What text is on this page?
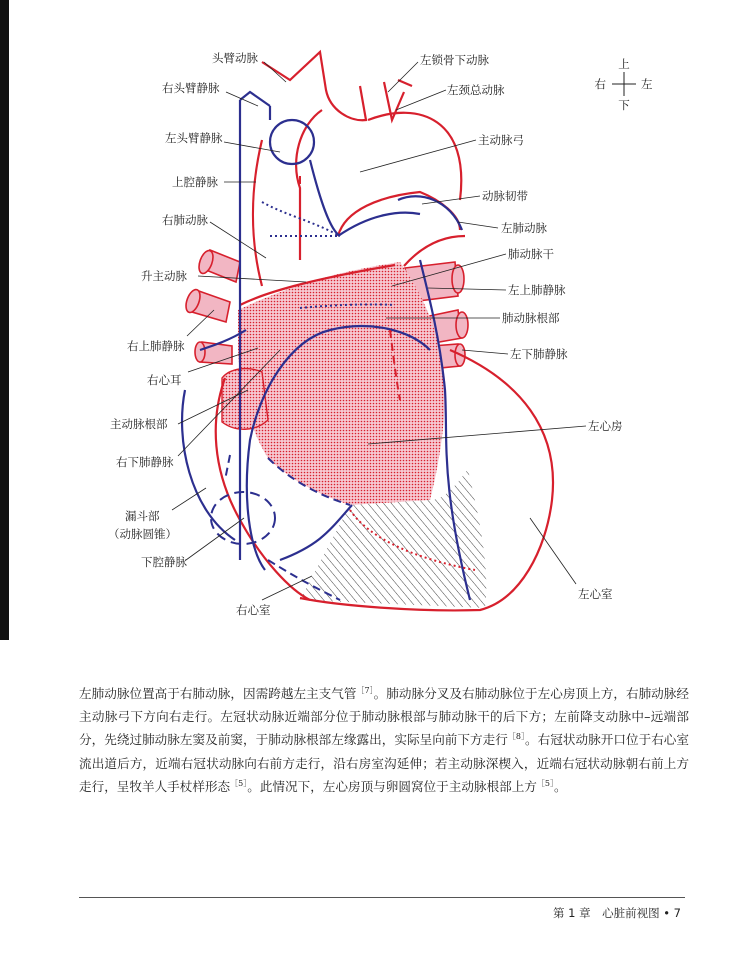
上
下
右	左
头臂动脉
右头臂静脉
左头臂静脉
上腔静脉
右肺动脉
升主动脉
右上肺静脉
右心耳
主动脉根部
右下肺静脉
漏斗部
（动脉圆锥）
下腔静脉
右心室
左锁骨下动脉
左颈总动脉
主动脉弓
动脉韧带
左肺动脉
肺动脉干
左上肺静脉
肺动脉根部
左下肺静脉
左心房
左心室

左肺动脉位置高于右肺动脉，因需跨越左主支气管$^{[7]}$。肺动脉分叉及右肺动脉位于左心房顶上方，右肺动脉经主动脉弓下方向右走行。左冠状动脉近端部分位于肺动脉根部与肺动脉干的后下方；左前降支动脉中–远端部分，先绕过肺动脉左窦及前窦，于肺动脉根部左缘露出，实际呈向前下方走行$^{[8]}$。右冠状动脉开口位于右心室流出道后方，近端右冠状动脉向右前方走行，沿右房室沟延伸；若主动脉深楔入，近端右冠状动脉朝右前上方走行，呈牧羊人手杖样形态$^{[5]}$。此情况下，左心房顶与卵圆窝位于主动脉根部上方$^{[5]}$。

第 1 章　心脏前视图 • 7
